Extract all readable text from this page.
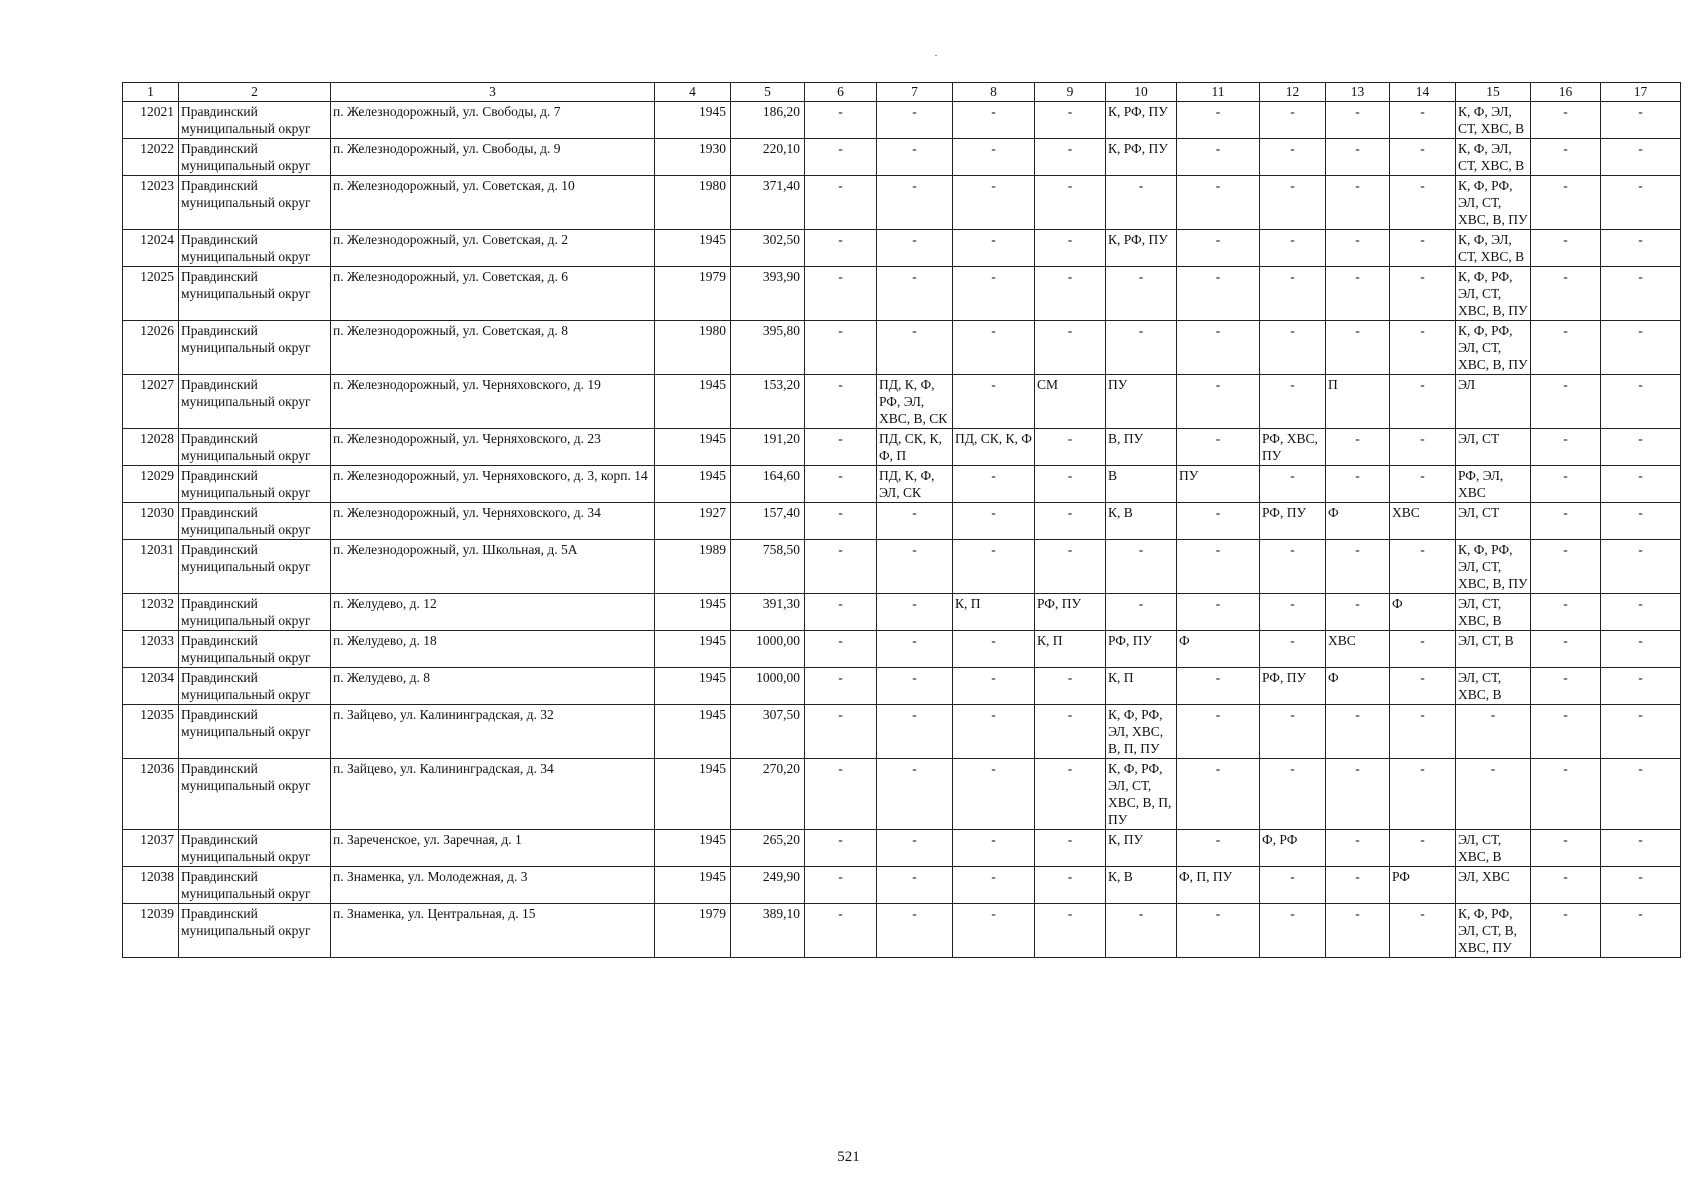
1	2	3	4	5	6	7	8	9	10	11	12	13	14	15	16	17
12021	Правдинский муниципальный округ	п. Железнодорожный, ул. Свободы, д. 7	1945	186,20	-	-	-	-	К, РФ, ПУ	-	-	-	-	К, Ф, ЭЛ, СТ, ХВС, В	-	-
12022	Правдинский муниципальный округ	п. Железнодорожный, ул. Свободы, д. 9	1930	220,10	-	-	-	-	К, РФ, ПУ	-	-	-	-	К, Ф, ЭЛ, СТ, ХВС, В	-	-
12023	Правдинский муниципальный округ	п. Железнодорожный, ул. Советская, д. 10	1980	371,40	-	-	-	-	-	-	-	-	-	К, Ф, РФ, ЭЛ, СТ, ХВС, В, ПУ	-	-
12024	Правдинский муниципальный округ	п. Железнодорожный, ул. Советская, д. 2	1945	302,50	-	-	-	-	К, РФ, ПУ	-	-	-	-	К, Ф, ЭЛ, СТ, ХВС, В	-	-
12025	Правдинский муниципальный округ	п. Железнодорожный, ул. Советская, д. 6	1979	393,90	-	-	-	-	-	-	-	-	-	К, Ф, РФ, ЭЛ, СТ, ХВС, В, ПУ	-	-
12026	Правдинский муниципальный округ	п. Железнодорожный, ул. Советская, д. 8	1980	395,80	-	-	-	-	-	-	-	-	-	К, Ф, РФ, ЭЛ, СТ, ХВС, В, ПУ	-	-
12027	Правдинский муниципальный округ	п. Железнодорожный, ул. Черняховского, д. 19	1945	153,20	-	ПД, К, Ф, РФ, ЭЛ, ХВС, В, СК	-	СМ	ПУ	-	-	П	-	ЭЛ	-	-
12028	Правдинский муниципальный округ	п. Железнодорожный, ул. Черняховского, д. 23	1945	191,20	-	ПД, СК, К, Ф, П	ПД, СК, К, Ф	-	В, ПУ	-	РФ, ХВС, ПУ	-	-	ЭЛ, СТ	-	-
12029	Правдинский муниципальный округ	п. Железнодорожный, ул. Черняховского, д. 3, корп. 14	1945	164,60	-	ПД, К, Ф, ЭЛ, СК	-	-	В	ПУ	-	-	-	РФ, ЭЛ, ХВС	-	-
12030	Правдинский муниципальный округ	п. Железнодорожный, ул. Черняховского, д. 34	1927	157,40	-	-	-	-	К, В	-	РФ, ПУ	Ф	ХВС	ЭЛ, СТ	-	-
12031	Правдинский муниципальный округ	п. Железнодорожный, ул. Школьная, д. 5А	1989	758,50	-	-	-	-	-	-	-	-	-	К, Ф, РФ, ЭЛ, СТ, ХВС, В, ПУ	-	-
12032	Правдинский муниципальный округ	п. Желудево, д. 12	1945	391,30	-	-	К, П	РФ, ПУ	-	-	-	-	Ф	ЭЛ, СТ, ХВС, В	-	-
12033	Правдинский муниципальный округ	п. Желудево, д. 18	1945	1000,00	-	-	-	К, П	РФ, ПУ	Ф	-	ХВС	-	ЭЛ, СТ, В	-	-
12034	Правдинский муниципальный округ	п. Желудево, д. 8	1945	1000,00	-	-	-	-	К, П	-	РФ, ПУ	Ф	-	ЭЛ, СТ, ХВС, В	-	-
12035	Правдинский муниципальный округ	п. Зайцево, ул. Калининградская, д. 32	1945	307,50	-	-	-	-	К, Ф, РФ, ЭЛ, ХВС, В, П, ПУ	-	-	-	-	-	-	-
12036	Правдинский муниципальный округ	п. Зайцево, ул. Калининградская, д. 34	1945	270,20	-	-	-	-	К, Ф, РФ, ЭЛ, СТ, ХВС, В, П, ПУ	-	-	-	-	-	-	-
12037	Правдинский муниципальный округ	п. Зареченское, ул. Заречная, д. 1	1945	265,20	-	-	-	-	К, ПУ	-	Ф, РФ	-	-	ЭЛ, СТ, ХВС, В	-	-
12038	Правдинский муниципальный округ	п. Знаменка, ул. Молодежная, д. 3	1945	249,90	-	-	-	-	К, В	Ф, П, ПУ	-	-	РФ	ЭЛ, ХВС	-	-
12039	Правдинский муниципальный округ	п. Знаменка, ул. Центральная, д. 15	1979	389,10	-	-	-	-	-	-	-	-	-	К, Ф, РФ, ЭЛ, СТ, В, ХВС, ПУ	-	-
521
